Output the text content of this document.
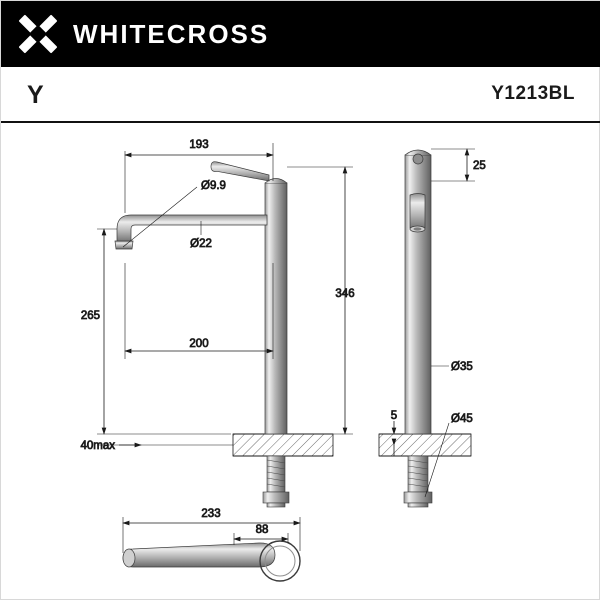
WHITECROSS
Y	Y1213BL
193
Ø9.9
Ø22
346
265
200
40max
25
Ø35
Ø45
5
233
88
